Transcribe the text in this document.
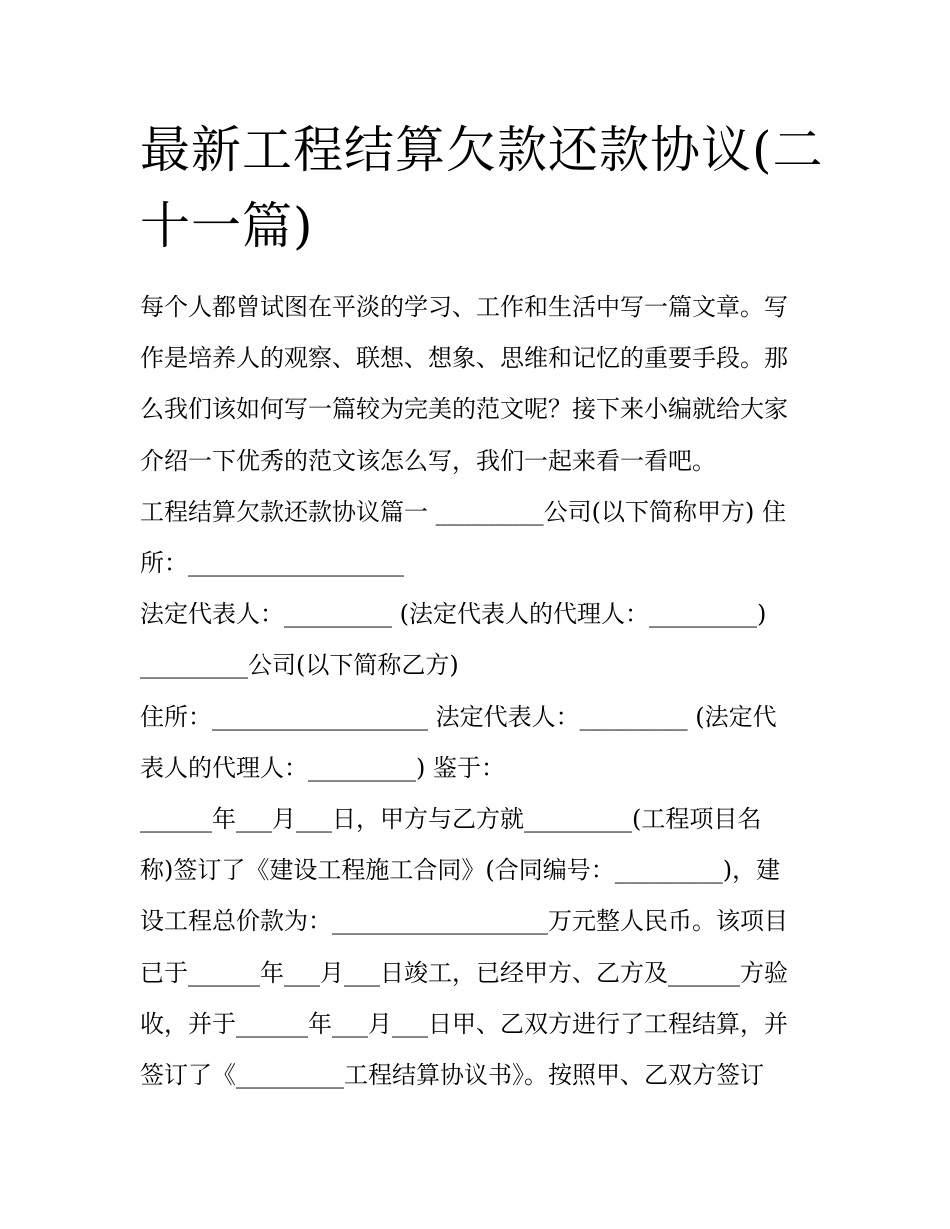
最新工程结算欠款还款协议(二
十一篇)

每个人都曾试图在平淡的学习、工作和生活中写一篇文章。写

作是培养人的观察、联想、想象、思维和记忆的重要手段。那

么我们该如何写一篇较为完美的范文呢？接下来小编就给大家

介绍一下优秀的范文该怎么写，我们一起来看一看吧。

工程结算欠款还款协议篇一 _________公司(以下简称甲方) 住

所：__________________

法定代表人：_________ (法定代表人的代理人：_________)

_________公司(以下简称乙方)

住所：__________________ 法定代表人：_________ (法定代

表人的代理人：_________) 鉴于：

______年___月___日，甲方与乙方就_________(工程项目名

称)签订了《建设工程施工合同》(合同编号：_________)，建

设工程总价款为：__________________万元整人民币。该项目

已于______年___月___日竣工，已经甲方、乙方及______方验

收，并于______年___月___日甲、乙双方进行了工程结算，并

签订了《_________工程结算协议书》。按照甲、乙双方签订
